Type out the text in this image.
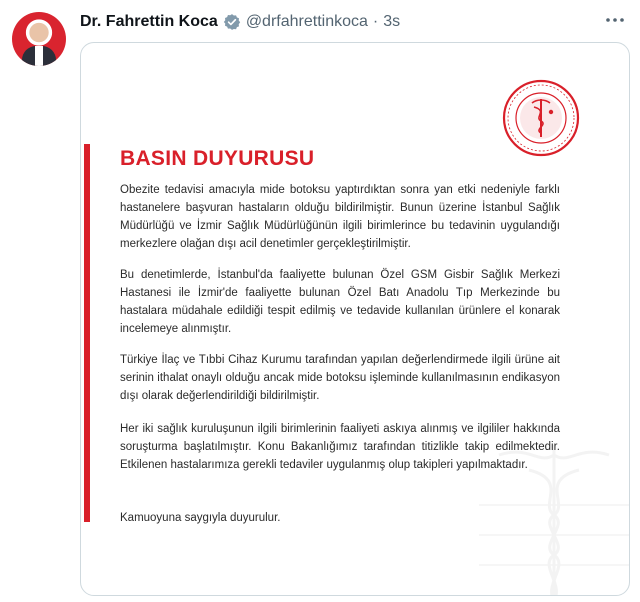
Dr. Fahrettin Koca @drfahrettinkoca · 3s
BASIN DUYURUSU

Obezite tedavisi amacıyla mide botoksu yaptırdıktan sonra yan etki nedeniyle farklı hastanelere başvuran hastaların olduğu bildirilmiştir. Bunun üzerine İstanbul Sağlık Müdürlüğü ve İzmir Sağlık Müdürlüğünün ilgili birimlerince bu tedavinin uygulandığı merkezlere olağan dışı acil denetimler gerçekleştirilmiştir.

Bu denetimlerde, İstanbul'da faaliyette bulunan Özel GSM Gisbir Sağlık Merkezi Hastanesi ile İzmir'de faaliyette bulunan Özel Batı Anadolu Tıp Merkezinde bu hastalara müdahale edildiği tespit edilmiş ve tedavide kullanılan ürünlere el konarak incelemeye alınmıştır.

Türkiye İlaç ve Tıbbi Cihaz Kurumu tarafından yapılan değerlendirmede ilgili ürüne ait serinin ithalat onaylı olduğu ancak mide botoksu işleminde kullanılmasının endikasyon dışı olarak değerlendirildiği bildirilmiştir.

Her iki sağlık kuruluşunun ilgili birimlerinin faaliyeti askıya alınmış ve ilgililer hakkında soruşturma başlatılmıştır. Konu Bakanlığımız tarafından titizlikle takip edilmektedir. Etkilenen hastalarımıza gerekli tedaviler uygulanmış olup takipleri yapılmaktadır.

Kamuoyuna saygıyla duyurulur.
